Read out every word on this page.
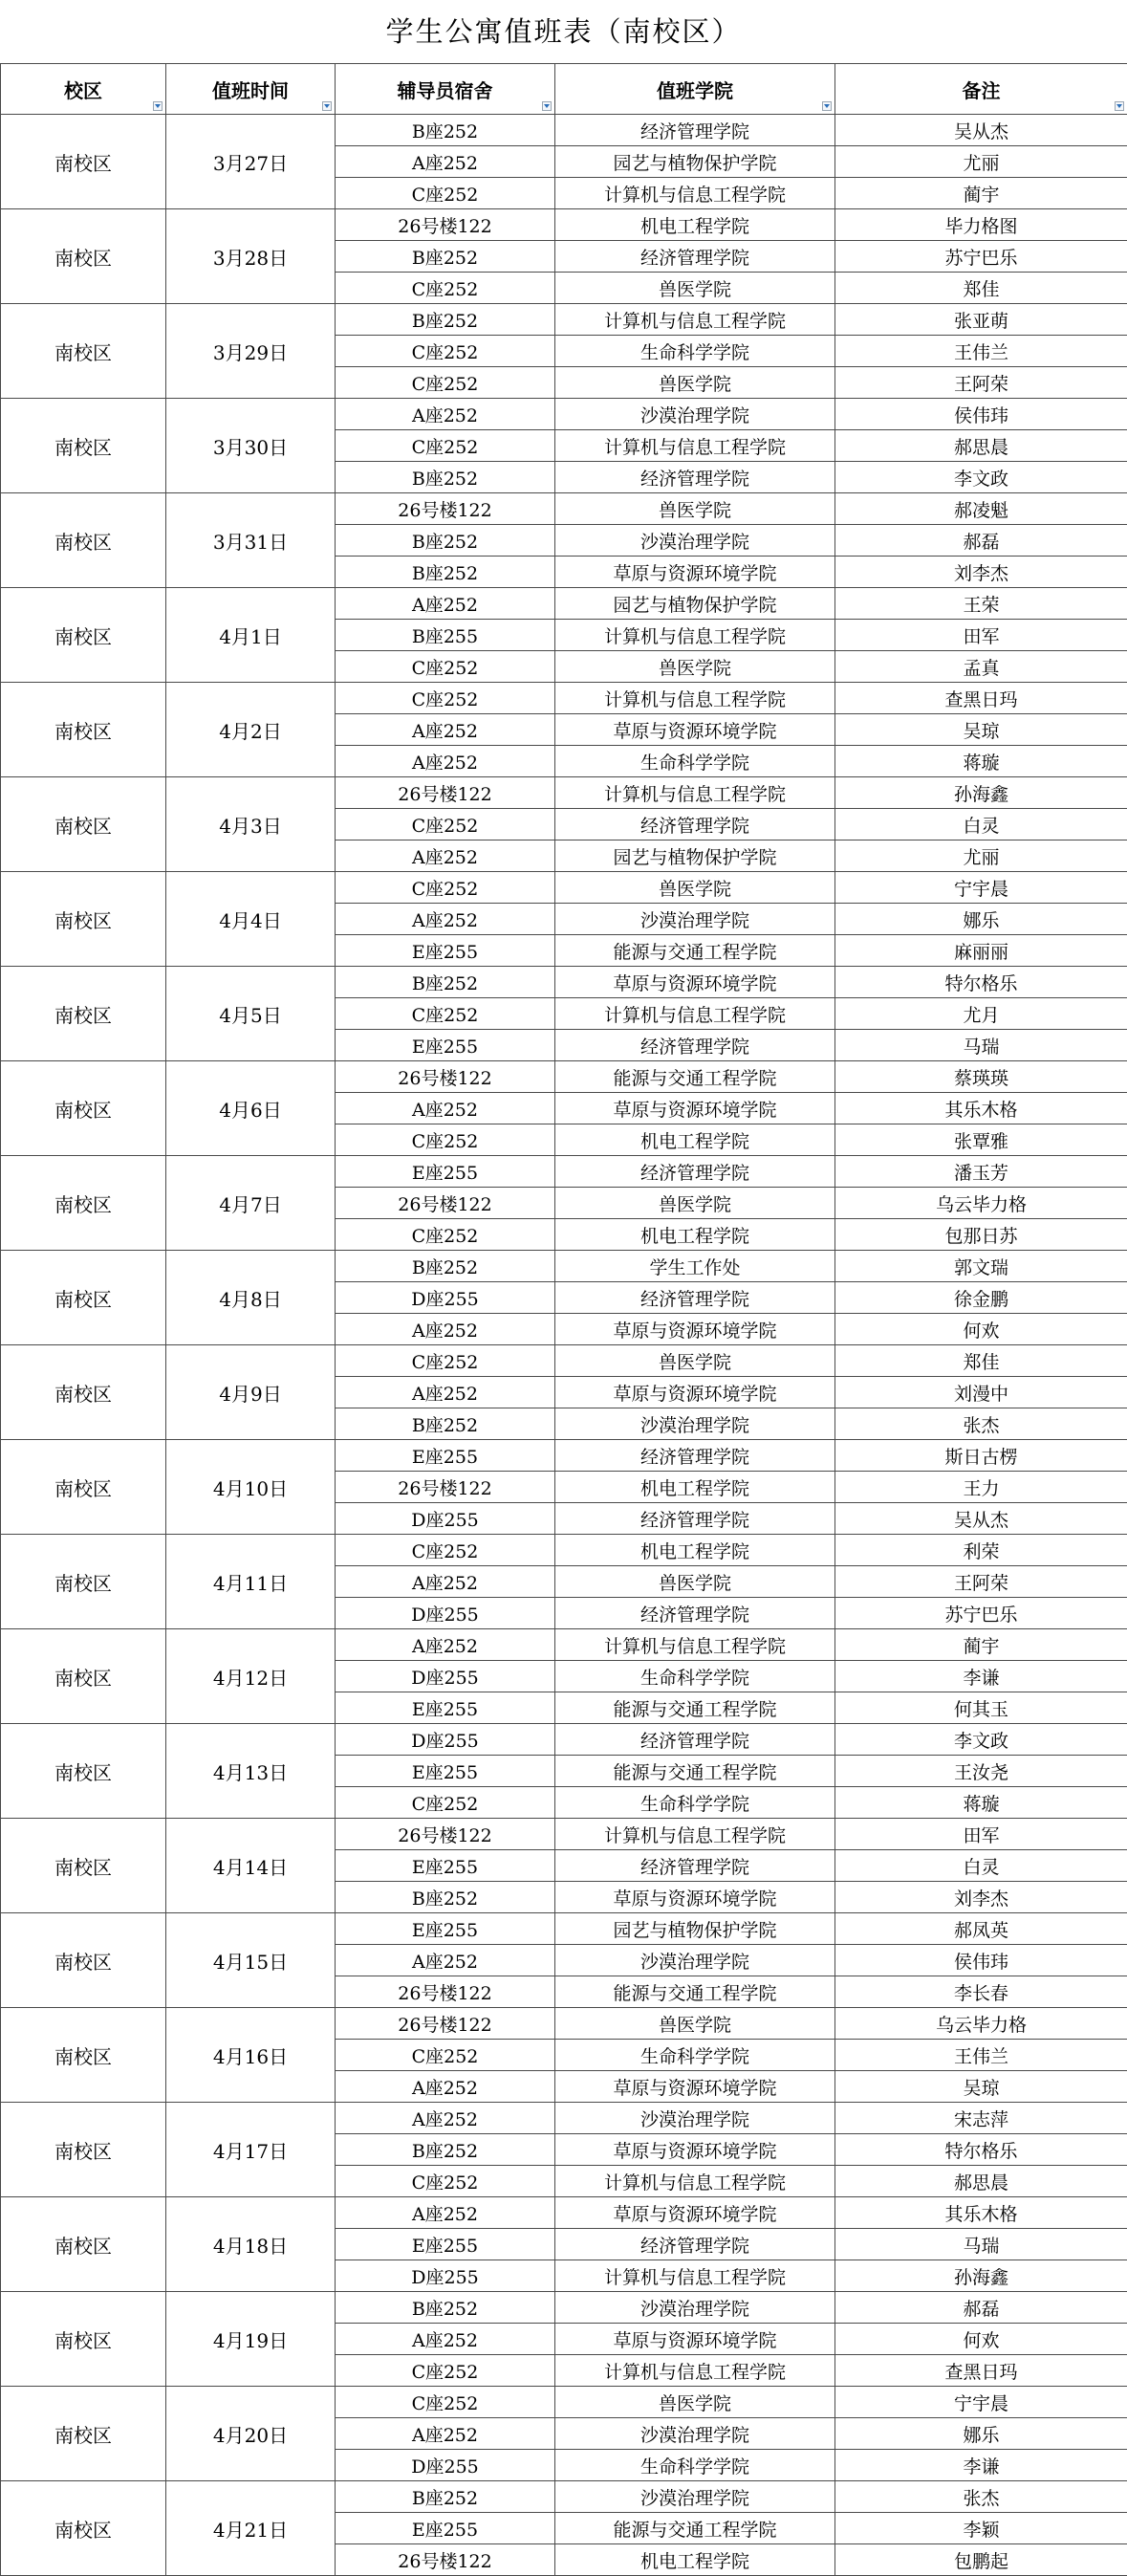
学生公寓值班表（南校区）
校区	值班时间	辅导员宿舍	值班学院	备注

南校区	3月27日	B座252	经济管理学院	吴从杰
		A座252	园艺与植物保护学院	尤丽
		C座252	计算机与信息工程学院	蔺宇
南校区	3月28日	26号楼122	机电工程学院	毕力格图
		B座252	经济管理学院	苏宁巴乐
		C座252	兽医学院	郑佳
南校区	3月29日	B座252	计算机与信息工程学院	张亚萌
		C座252	生命科学学院	王伟兰
		C座252	兽医学院	王阿荣
南校区	3月30日	A座252	沙漠治理学院	侯伟玮
		C座252	计算机与信息工程学院	郝思晨
		B座252	经济管理学院	李文政
南校区	3月31日	26号楼122	兽医学院	郝凌魁
		B座252	沙漠治理学院	郝磊
		B座252	草原与资源环境学院	刘李杰
南校区	4月1日	A座252	园艺与植物保护学院	王荣
		B座255	计算机与信息工程学院	田军
		C座252	兽医学院	孟真
南校区	4月2日	C座252	计算机与信息工程学院	查黑日玛
		A座252	草原与资源环境学院	吴琼
		A座252	生命科学学院	蒋璇
南校区	4月3日	26号楼122	计算机与信息工程学院	孙海鑫
		C座252	经济管理学院	白灵
		A座252	园艺与植物保护学院	尤丽
南校区	4月4日	C座252	兽医学院	宁宇晨
		A座252	沙漠治理学院	娜乐
		E座255	能源与交通工程学院	麻丽丽
南校区	4月5日	B座252	草原与资源环境学院	特尔格乐
		C座252	计算机与信息工程学院	尤月
		E座255	经济管理学院	马瑞
南校区	4月6日	26号楼122	能源与交通工程学院	蔡瑛瑛
		A座252	草原与资源环境学院	其乐木格
		C座252	机电工程学院	张覃雅
南校区	4月7日	E座255	经济管理学院	潘玉芳
		26号楼122	兽医学院	乌云毕力格
		C座252	机电工程学院	包那日苏
南校区	4月8日	B座252	学生工作处	郭文瑞
		D座255	经济管理学院	徐金鹏
		A座252	草原与资源环境学院	何欢
南校区	4月9日	C座252	兽医学院	郑佳
		A座252	草原与资源环境学院	刘漫中
		B座252	沙漠治理学院	张杰
南校区	4月10日	E座255	经济管理学院	斯日古楞
		26号楼122	机电工程学院	王力
		D座255	经济管理学院	吴从杰
南校区	4月11日	C座252	机电工程学院	利荣
		A座252	兽医学院	王阿荣
		D座255	经济管理学院	苏宁巴乐
南校区	4月12日	A座252	计算机与信息工程学院	蔺宇
		D座255	生命科学学院	李谦
		E座255	能源与交通工程学院	何其玉
南校区	4月13日	D座255	经济管理学院	李文政
		E座255	能源与交通工程学院	王汝尧
		C座252	生命科学学院	蒋璇
南校区	4月14日	26号楼122	计算机与信息工程学院	田军
		E座255	经济管理学院	白灵
		B座252	草原与资源环境学院	刘李杰
南校区	4月15日	E座255	园艺与植物保护学院	郝凤英
		A座252	沙漠治理学院	侯伟玮
		26号楼122	能源与交通工程学院	李长春
南校区	4月16日	26号楼122	兽医学院	乌云毕力格
		C座252	生命科学学院	王伟兰
		A座252	草原与资源环境学院	吴琼
南校区	4月17日	A座252	沙漠治理学院	宋志萍
		B座252	草原与资源环境学院	特尔格乐
		C座252	计算机与信息工程学院	郝思晨
南校区	4月18日	A座252	草原与资源环境学院	其乐木格
		E座255	经济管理学院	马瑞
		D座255	计算机与信息工程学院	孙海鑫
南校区	4月19日	B座252	沙漠治理学院	郝磊
		A座252	草原与资源环境学院	何欢
		C座252	计算机与信息工程学院	查黑日玛
南校区	4月20日	C座252	兽医学院	宁宇晨
		A座252	沙漠治理学院	娜乐
		D座255	生命科学学院	李谦
南校区	4月21日	B座252	沙漠治理学院	张杰
		E座255	能源与交通工程学院	李颖
		26号楼122	机电工程学院	包鹏起
